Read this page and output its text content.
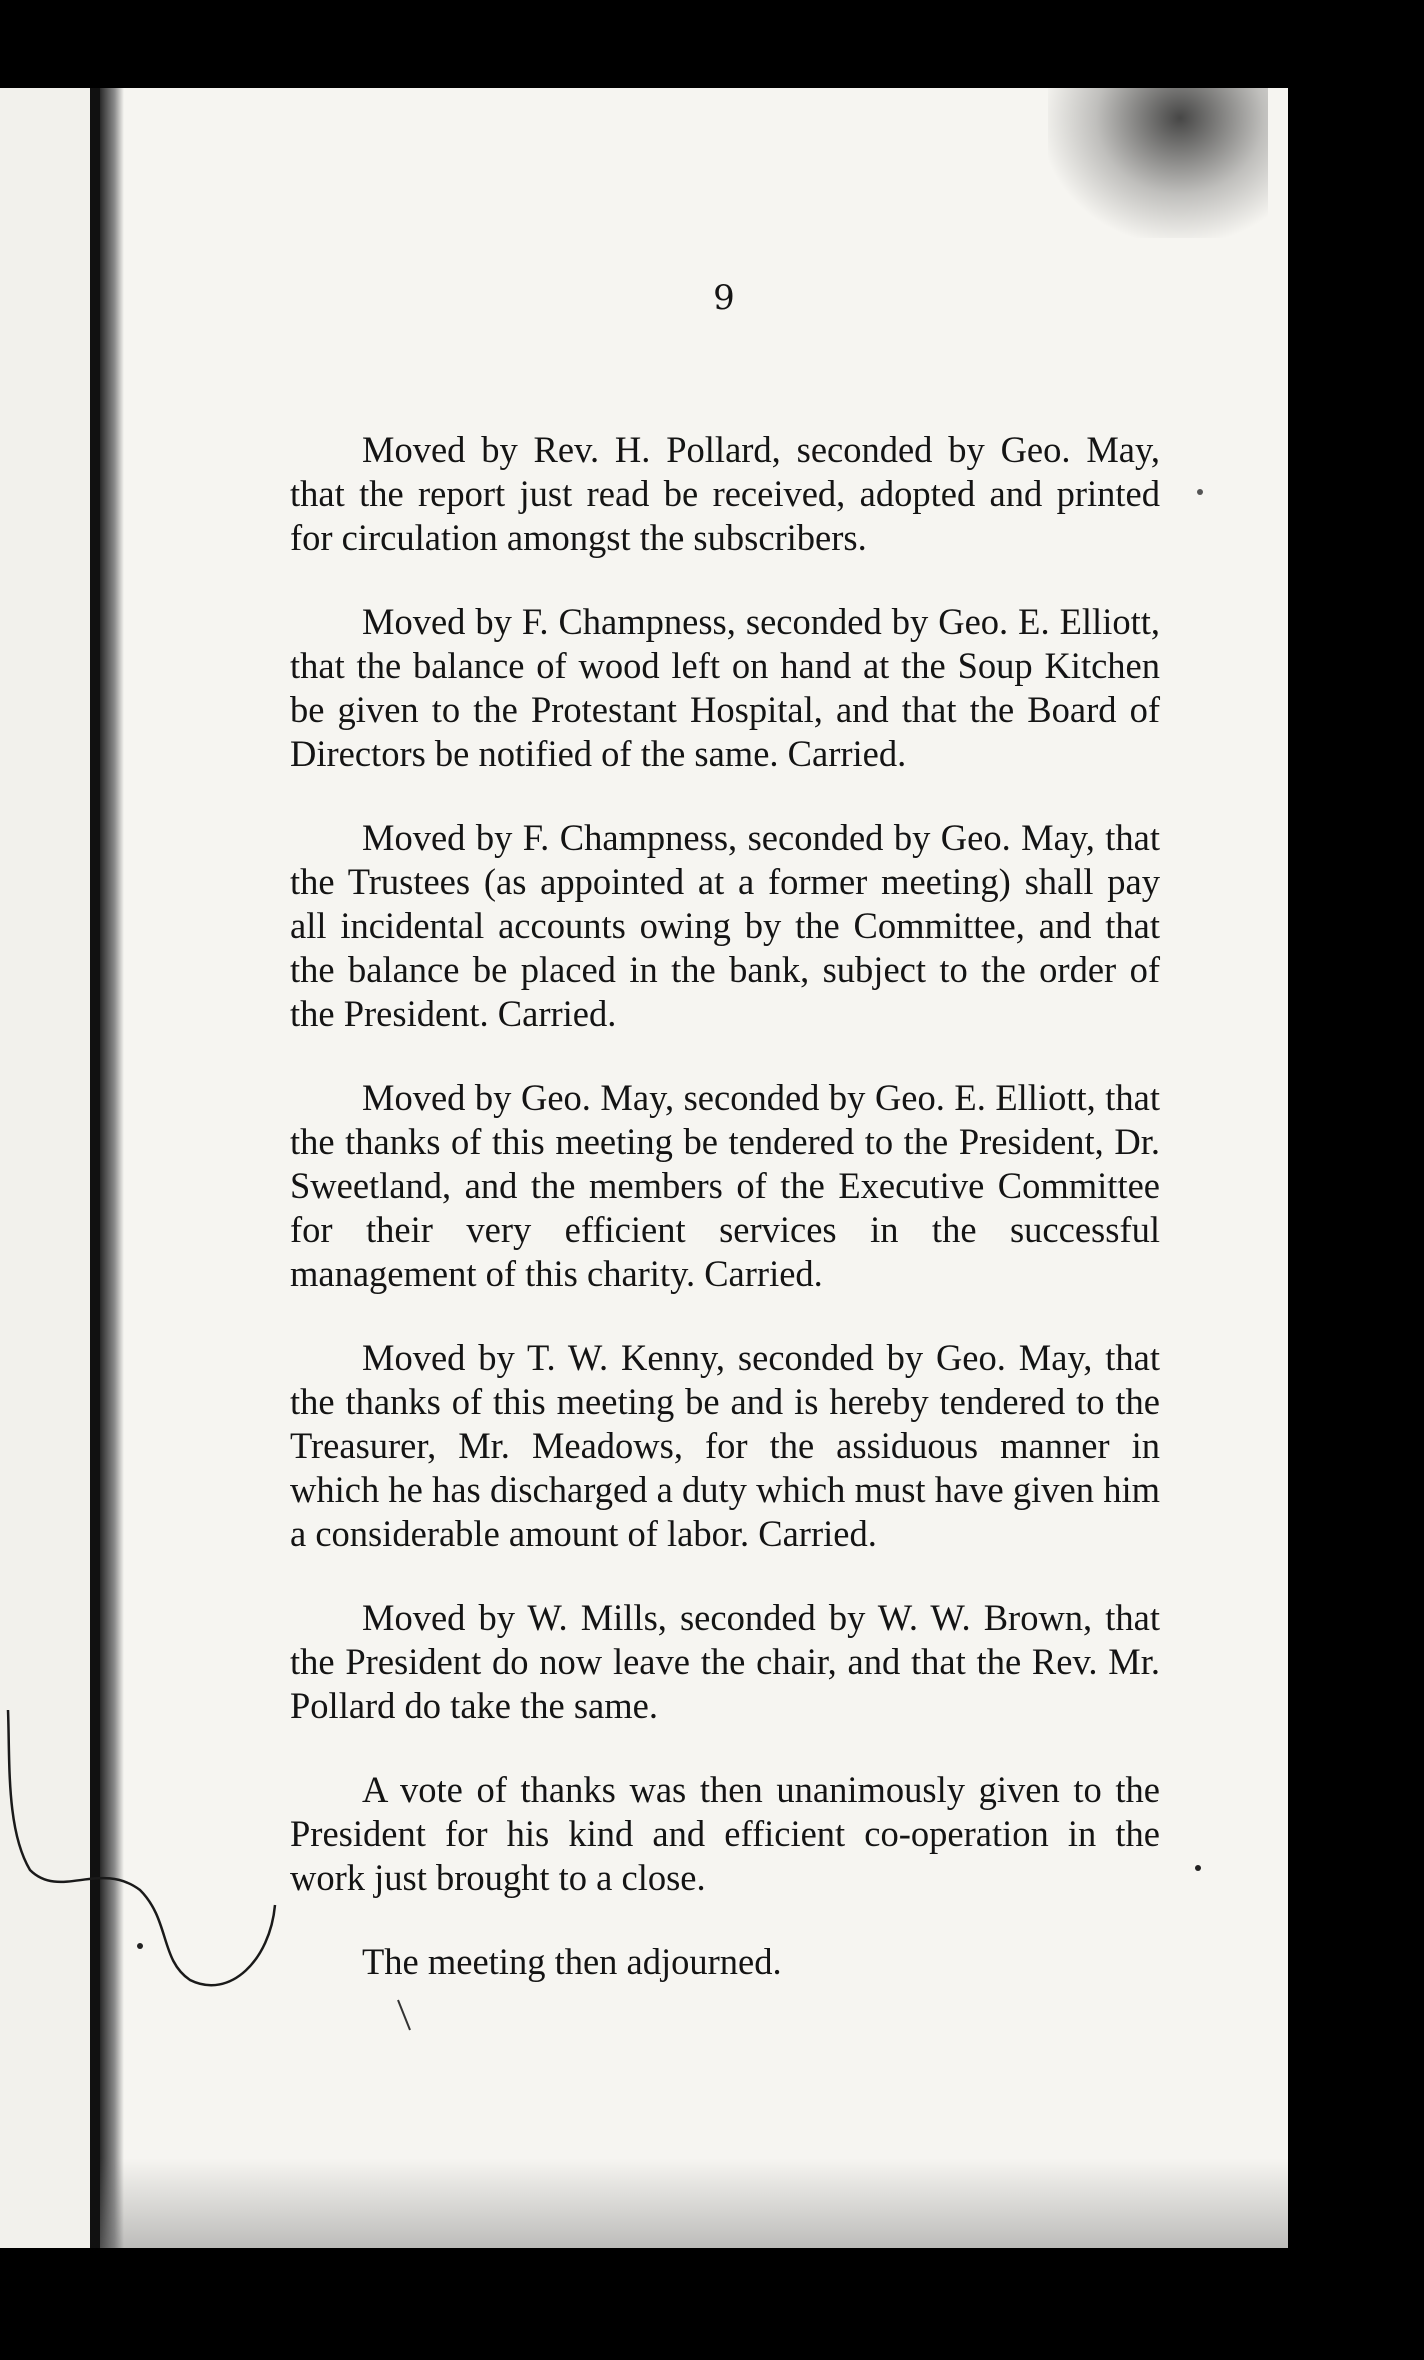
9

Moved by Rev. H. Pollard, seconded by Geo. May, that the report just read be received, adopted and printed for circulation amongst the subscribers.

Moved by F. Champness, seconded by Geo. E. Elliott, that the balance of wood left on hand at the Soup Kitchen be given to the Protestant Hospital, and that the Board of Directors be notified of the same. Carried.

Moved by F. Champness, seconded by Geo. May, that the Trustees (as appointed at a former meeting) shall pay all incidental accounts owing by the Committee, and that the balance be placed in the bank, subject to the order of the President. Carried.

Moved by Geo. May, seconded by Geo. E. Elliott, that the thanks of this meeting be tendered to the President, Dr. Sweetland, and the members of the Executive Committee for their very efficient services in the successful management of this charity. Carried.

Moved by T. W. Kenny, seconded by Geo. May, that the thanks of this meeting be and is hereby tendered to the Treasurer, Mr. Meadows, for the assiduous manner in which he has discharged a duty which must have given him a considerable amount of labor. Carried.

Moved by W. Mills, seconded by W. W. Brown, that the President do now leave the chair, and that the Rev. Mr. Pollard do take the same.

A vote of thanks was then unanimously given to the President for his kind and efficient co-operation in the work just brought to a close.

The meeting then adjourned.
